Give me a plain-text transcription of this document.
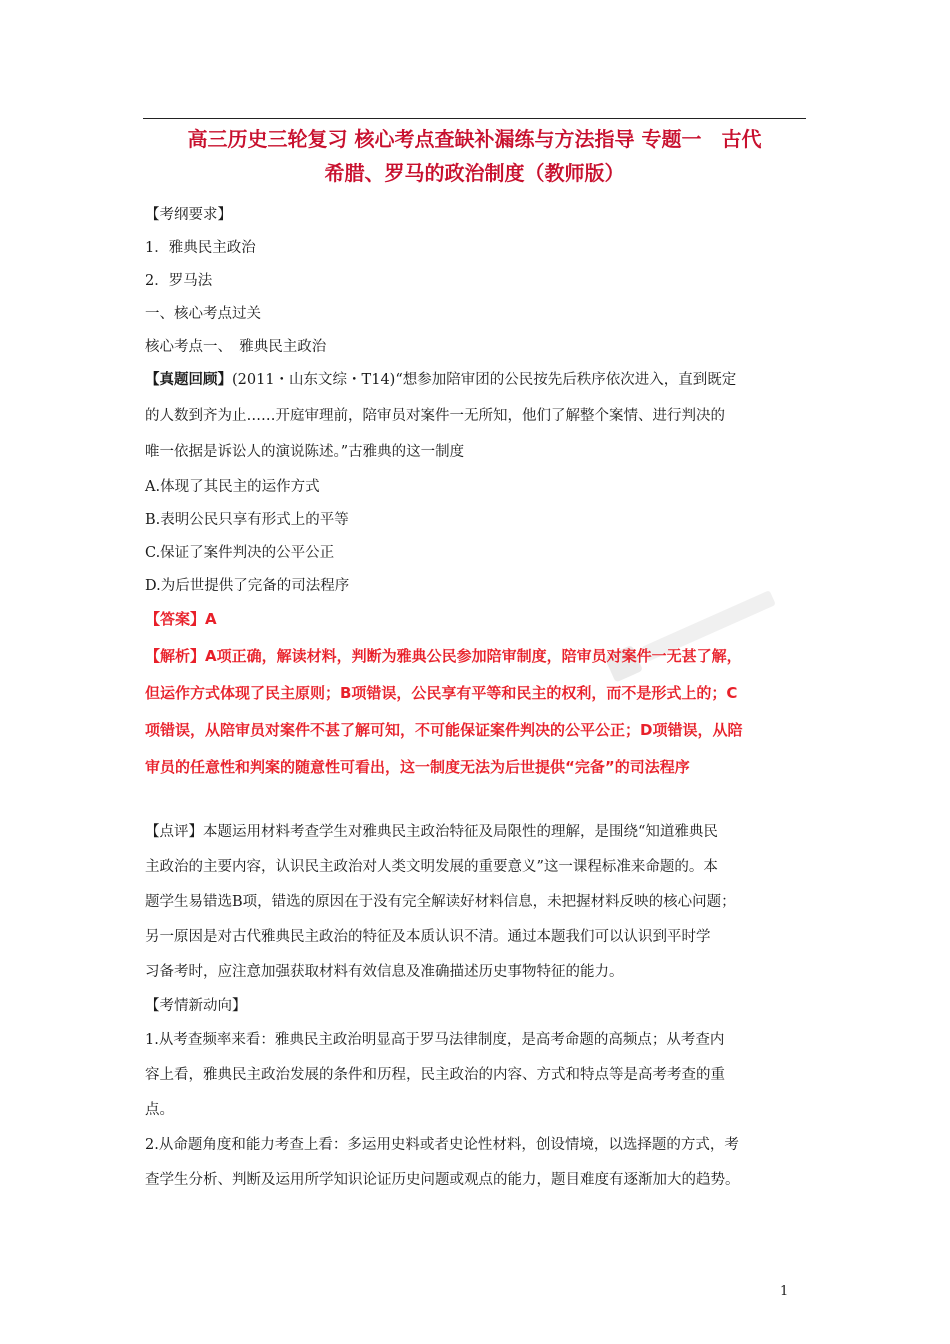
高三历史三轮复习 核心考点查缺补漏练与方法指导 专题一　古代
希腊、罗马的政治制度（教师版）
【考纲要求】
1．雅典民主政治
2．罗马法
一、核心考点过关
核心考点一、　雅典民主政治
【真题回顾】(2011・山东文综・T14)“想参加陪审团的公民按先后秩序依次进入，直到既定
的人数到齐为止……开庭审理前，陪审员对案件一无所知，他们了解整个案情、进行判决的
唯一依据是诉讼人的演说陈述。”古雅典的这一制度
A.体现了其民主的运作方式
B.表明公民只享有形式上的平等
C.保证了案件判决的公平公正
D.为后世提供了完备的司法程序
【答案】A
【解析】A项正确，解读材料，判断为雅典公民参加陪审制度，陪审员对案件一无甚了解，
但运作方式体现了民主原则；B项错误，公民享有平等和民主的权利，而不是形式上的；C
项错误，从陪审员对案件不甚了解可知，不可能保证案件判决的公平公正；D项错误，从陪
审员的任意性和判案的随意性可看出，这一制度无法为后世提供“完备”的司法程序
【点评】本题运用材料考查学生对雅典民主政治特征及局限性的理解，是围绕“知道雅典民
主政治的主要内容，认识民主政治对人类文明发展的重要意义”这一课程标准来命题的。本
题学生易错选B项，错选的原因在于没有完全解读好材料信息，未把握材料反映的核心问题；
另一原因是对古代雅典民主政治的特征及本质认识不清。通过本题我们可以认识到平时学
习备考时，应注意加强获取材料有效信息及准确描述历史事物特征的能力。
【考情新动向】
1.从考查频率来看：雅典民主政治明显高于罗马法律制度，是高考命题的高频点；从考查内
容上看，雅典民主政治发展的条件和历程，民主政治的内容、方式和特点等是高考考查的重
点。
2.从命题角度和能力考查上看：多运用史料或者史论性材料，创设情境，以选择题的方式，考
查学生分析、判断及运用所学知识论证历史问题或观点的能力，题目难度有逐渐加大的趋势。
1
